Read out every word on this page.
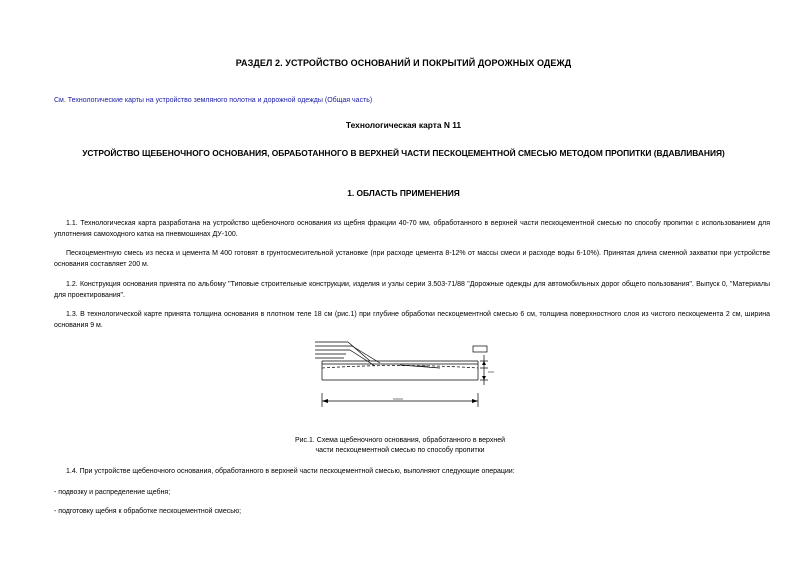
РАЗДЕЛ 2. УСТРОЙСТВО ОСНОВАНИЙ И ПОКРЫТИЙ ДОРОЖНЫХ ОДЕЖД
См. Технологические карты на устройство земляного полотна и дорожной одежды (Общая часть)
Технологическая карта N 11
УСТРОЙСТВО ЩЕБЕНОЧНОГО ОСНОВАНИЯ, ОБРАБОТАННОГО В ВЕРХНЕЙ ЧАСТИ ПЕСКОЦЕМЕНТНОЙ СМЕСЬЮ МЕТОДОМ ПРОПИТКИ (ВДАВЛИВАНИЯ)
1. ОБЛАСТЬ ПРИМЕНЕНИЯ
1.1. Технологическая карта разработана на устройство щебеночного основания из щебня фракции 40-70 мм, обработанного в верхней части пескоцементной смесью по способу пропитки с использованием для уплотнения самоходного катка на пневмошинах ДУ-100.
Пескоцементную смесь из песка и цемента М 400 готовят в грунтосмесительной установке (при расходе цемента 8-12% от массы смеси и расходе воды 6-10%). Принятая длина сменной захватки при устройстве основания составляет 200 м.
1.2. Конструкция основания принята по альбому "Типовые строительные конструкции, изделия и узлы серии 3.503-71/88 "Дорожные одежды для автомобильных дорог общего пользования". Выпуск 0, "Материалы для проектирования".
1.3. В технологической карте принята толщина основания в плотном теле 18 см (рис.1) при глубине обработки пескоцементной смесью 6 см, толщина поверхностного слоя из чистого пескоцемента 2 см, ширина основания 9 м.
Рис.1. Схема щебеночного основания, обработанного в верхней
части пескоцементной смесью по способу пропитки
1.4. При устройстве щебеночного основания, обработанного в верхней части пескоцементной смесью, выполняют следующие операции:
- подвозку и распределение щебня;
- подготовку щебня к обработке пескоцементной смесью;
